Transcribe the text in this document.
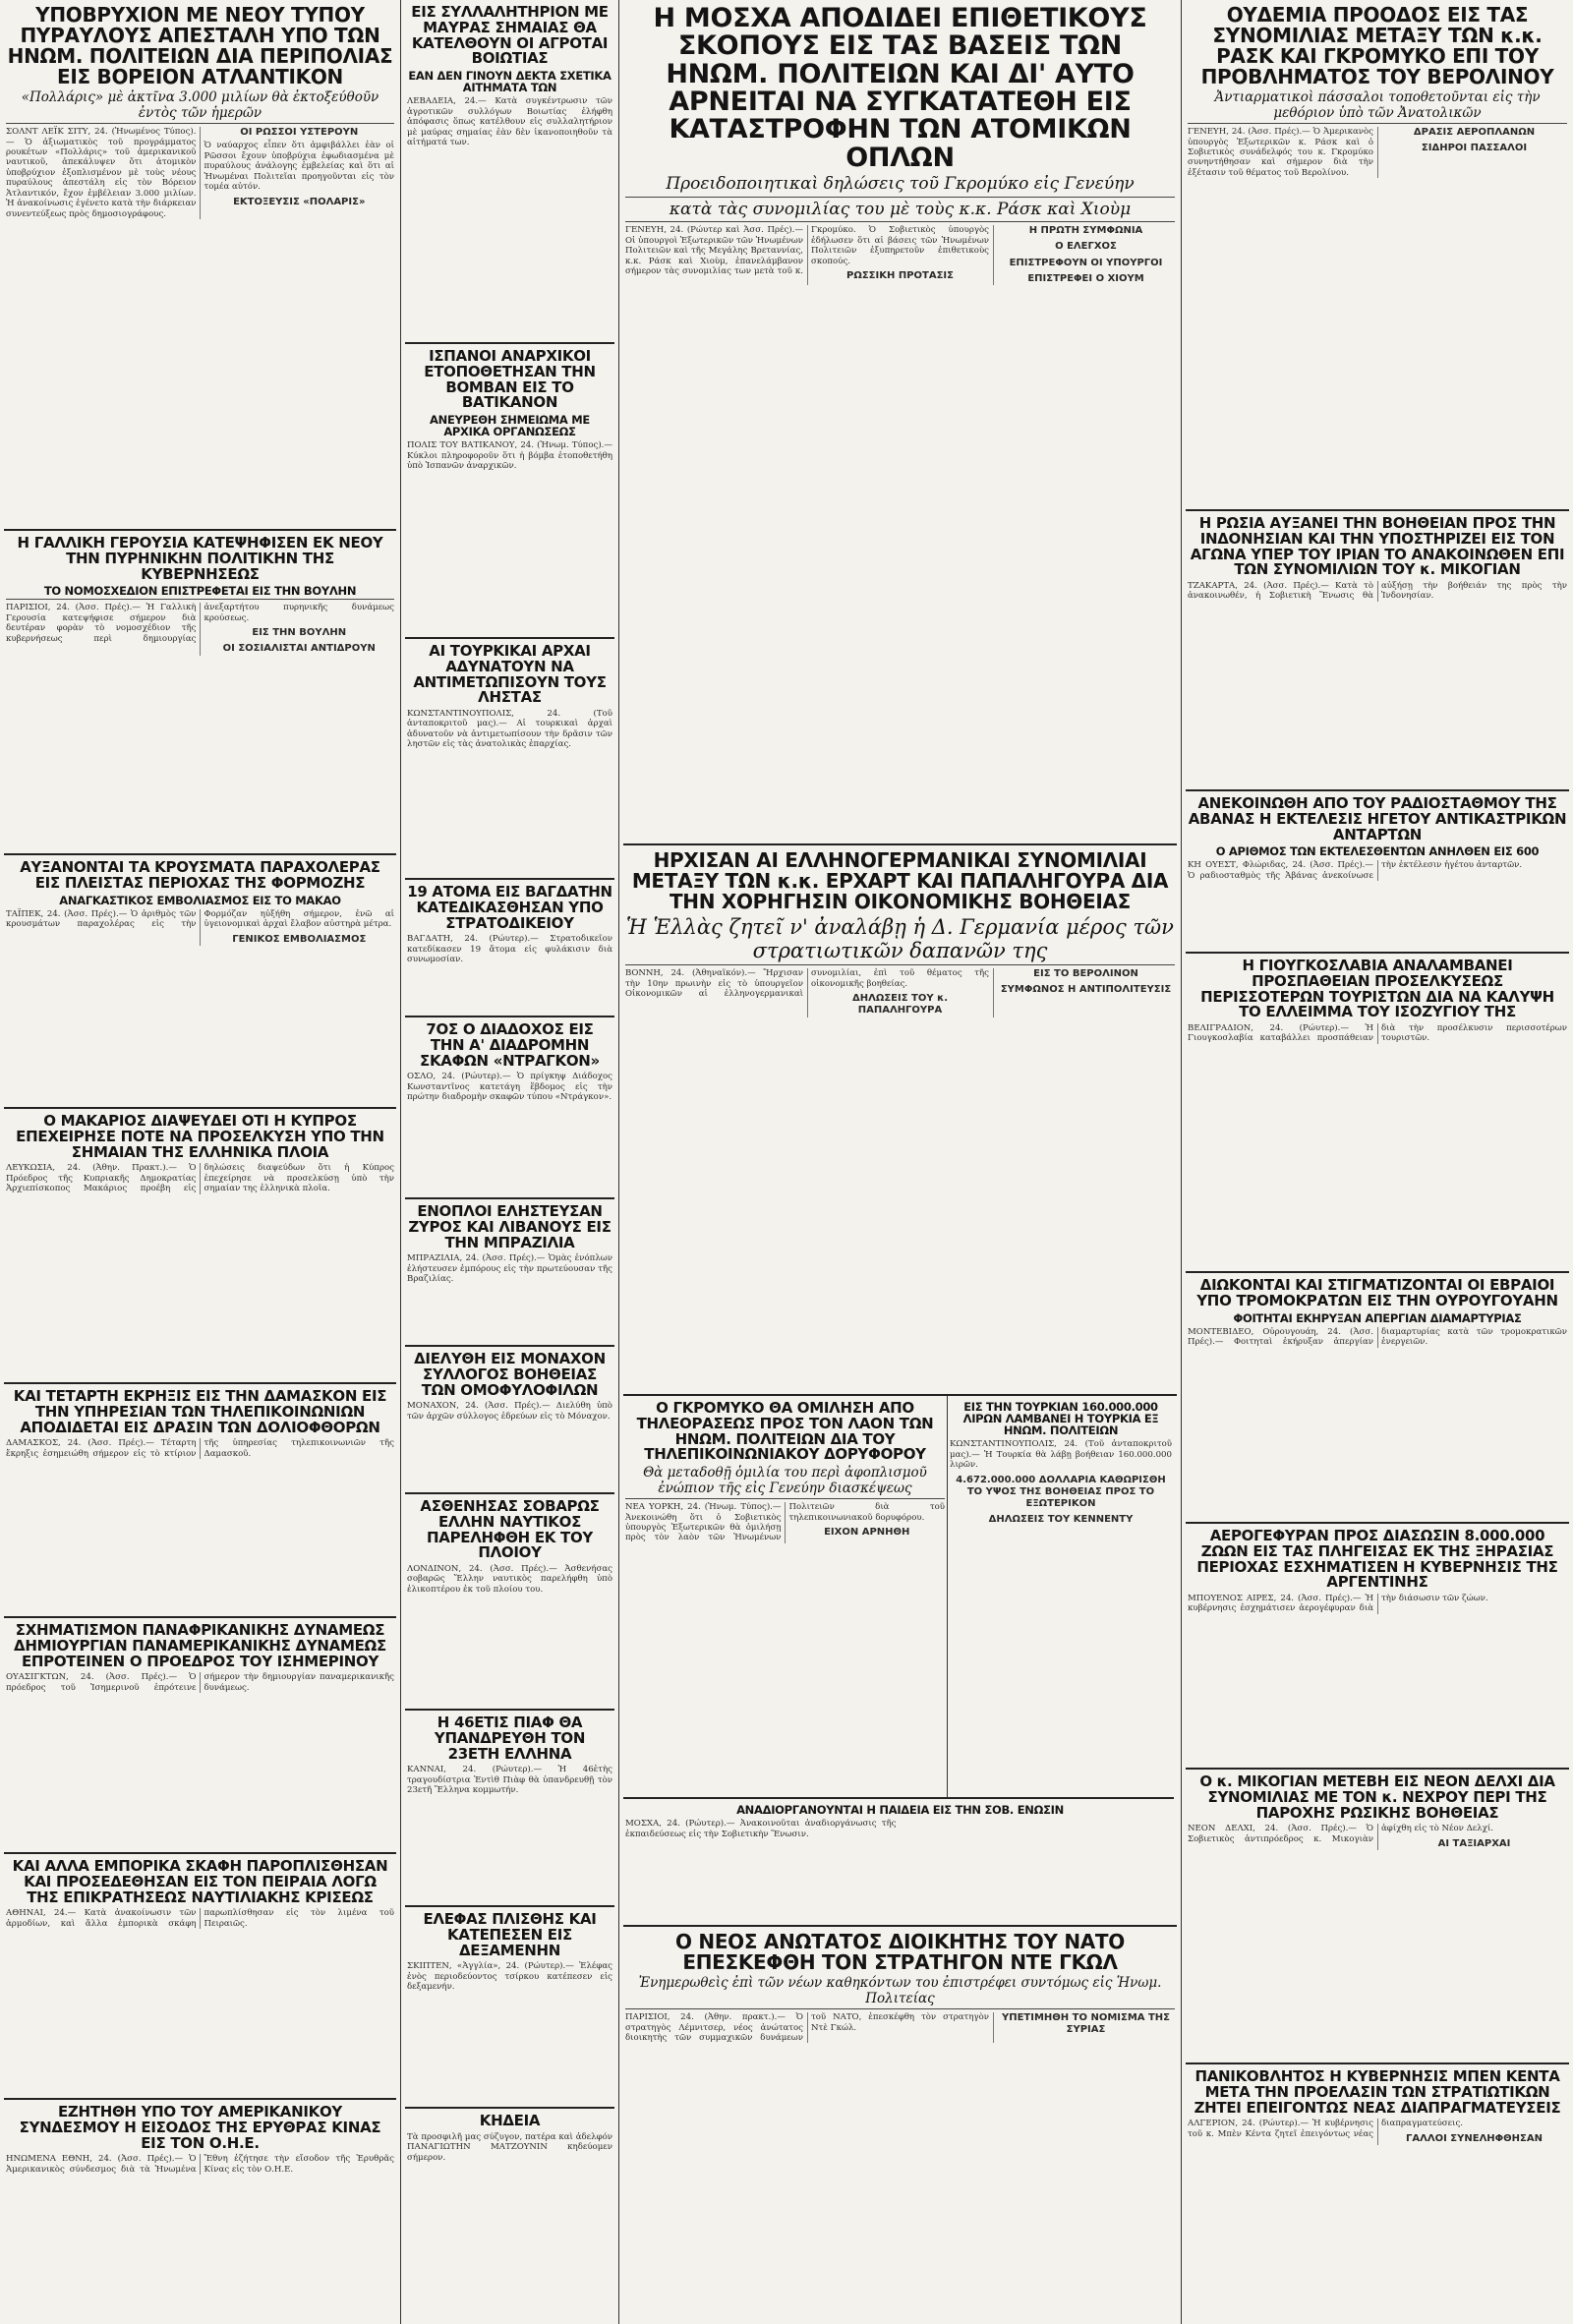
ΥΠΟΒΡΥΧΙΟΝ ΜΕ ΝΕΟΥ ΤΥΠΟΥ ΠΥΡΑΥΛΟΥΣ ΑΠΕΣΤΑΛΗ ΥΠΟ ΤΩΝ ΗΝΩΜ. ΠΟΛΙΤΕΙΩΝ ΔΙΑ ΠΕΡΙΠΟΛΙΑΣ ΕΙΣ ΒΟΡΕΙΟΝ ΑΤΛΑΝΤΙΚΟΝ
«Πολλάρις» μὲ ἀκτῖνα 3.000 μιλίων θὰ ἐκτοξεύθοῦν ἐντὸς τῶν ἡμερῶν

ΣΟΛΝΤ ΛΕΪΚ ΣΙΤΥ, 24. (Ἡνωμένος Τύπος).— Ὁ ἀξιωματικὸς τοῦ προγράμματος ρουκέτων «Πολλάρις» τοῦ ἀμερικανικοῦ ναυτικοῦ, ἀπεκάλυψεν ὅτι ἀτομικὸν ὑποβρύχιον ἐξοπλισμένον μὲ τοὺς νέους πυραύλους ἀπεστάλη εἰς τὸν Βόρειον Ἀτλαντικόν, ἔχον ἐμβέλειαν 3.000 μιλίων. Ἡ ἀνακοίνωσις ἐγένετο κατὰ τὴν διάρκειαν συνεντεύξεως πρὸς δημοσιογράφους.

ΟΙ ΡΩΣΣΟΙ ΥΣΤΕΡΟΥΝ

Ὁ ναύαρχος εἶπεν ὅτι ἀμφιβάλλει ἐὰν οἱ Ρῶσσοι ἔχουν ὑποβρύχια ἐφωδιασμένα μὲ πυραύλους ἀνάλογης ἐμβελείας καὶ ὅτι αἱ Ἡνωμέναι Πολιτεῖαι προηγοῦνται εἰς τὸν τομέα αὐτόν.

ΕΚΤΟΞΕΥΣΙΣ «ΠΟΛΑΡΙΣ»
Η ΓΑΛΛΙΚΗ ΓΕΡΟΥΣΙΑ ΚΑΤΕΨΗΦΙΣΕΝ ΕΚ ΝΕΟΥ ΤΗΝ ΠΥΡΗΝΙΚΗΝ ΠΟΛΙΤΙΚΗΝ ΤΗΣ ΚΥΒΕΡΝΗΣΕΩΣ
ΤΟ ΝΟΜΟΣΧΕΔΙΟΝ ΕΠΙΣΤΡΕΦΕΤΑΙ ΕΙΣ ΤΗΝ ΒΟΥΛΗΝ

ΠΑΡΙΣΙΟΙ, 24. (Ἀσσ. Πρές).— Ἡ Γαλλικὴ Γερουσία κατεψήφισε σήμερον διὰ δευτέραν φορὰν τὸ νομοσχέδιον τῆς κυβερνήσεως περὶ δημιουργίας ἀνεξαρτήτου πυρηνικῆς δυνάμεως κρούσεως.

ΕΙΣ ΤΗΝ ΒΟΥΛΗΝ
ΟΙ ΣΟΣΙΑΛΙΣΤΑΙ ΑΝΤΙΔΡΟΥΝ
ΑΥΞΑΝΟΝΤΑΙ ΤΑ ΚΡΟΥΣΜΑΤΑ ΠΑΡΑΧΟΛΕΡΑΣ ΕΙΣ ΠΛΕΙΣΤΑΣ ΠΕΡΙΟΧΑΣ ΤΗΣ ΦΟΡΜΟΖΗΣ
ΑΝΑΓΚΑΣΤΙΚΟΣ ΕΜΒΟΛΙΑΣΜΟΣ ΕΙΣ ΤΟ ΜΑΚΑΟ

ΤΑΪΠΕΚ, 24. (Ἀσσ. Πρές).— Ὁ ἀριθμὸς τῶν κρουσμάτων παραχολέρας εἰς τὴν Φορμόζαν ηὐξήθη σήμερον, ἐνῶ αἱ ὑγειονομικαὶ ἀρχαὶ ἔλαβον αὐστηρὰ μέτρα.

ΓΕΝΙΚΟΣ ΕΜΒΟΛΙΑΣΜΟΣ
Ο ΜΑΚΑΡΙΟΣ ΔΙΑΨΕΥΔΕΙ ΟΤΙ Η ΚΥΠΡΟΣ ΕΠΕΧΕΙΡΗΣΕ ΠΟΤΕ ΝΑ ΠΡΟΣΕΛΚΥΣΗ ΥΠΟ ΤΗΝ ΣΗΜΑΙΑΝ ΤΗΣ ΕΛΛΗΝΙΚΑ ΠΛΟΙΑ
ΛΕΥΚΩΣΙΑ, 24. (Ἀθην. Πρακτ.).— Ὁ Πρόεδρος τῆς Κυπριακῆς Δημοκρατίας Ἀρχιεπίσκοπος Μακάριος προέβη εἰς δηλώσεις διαψεύδων ὅτι ἡ Κύπρος ἐπεχείρησε νὰ προσελκύσῃ ὑπὸ τὴν σημαίαν της ἑλληνικὰ πλοῖα.
ΚΑΙ ΤΕΤΑΡΤΗ ΕΚΡΗΞΙΣ ΕΙΣ ΤΗΝ ΔΑΜΑΣΚΟΝ ΕΙΣ ΤΗΝ ΥΠΗΡΕΣΙΑΝ ΤΩΝ ΤΗΛΕΠΙΚΟΙΝΩΝΙΩΝ ΑΠΟΔΙΔΕΤΑΙ ΕΙΣ ΔΡΑΣΙΝ ΤΩΝ ΔΟΛΙΟΦΘΟΡΩΝ
ΔΑΜΑΣΚΟΣ, 24. (Ἀσσ. Πρές).— Τέταρτη ἔκρηξις ἐσημειώθη σήμερον εἰς τὸ κτίριον τῆς ὑπηρεσίας τηλεπικοινωνιῶν τῆς Δαμασκοῦ.
ΣΧΗΜΑΤΙΣΜΟΝ ΠΑΝΑΦΡΙΚΑΝΙΚΗΣ ΔΥΝΑΜΕΩΣ ΔΗΜΙΟΥΡΓΙΑΝ ΠΑΝΑΜΕΡΙΚΑΝΙΚΗΣ ΔΥΝΑΜΕΩΣ ΕΠΡΟΤΕΙΝΕΝ Ο ΠΡΟΕΔΡΟΣ ΤΟΥ ΙΣΗΜΕΡΙΝΟΥ
ΟΥΑΣΙΓΚΤΩΝ, 24. (Ἀσσ. Πρές).— Ὁ πρόεδρος τοῦ Ἰσημερινοῦ ἐπρότεινε σήμερον τὴν δημιουργίαν παναμερικανικῆς δυνάμεως.
ΚΑΙ ΑΛΛΑ ΕΜΠΟΡΙΚΑ ΣΚΑΦΗ ΠΑΡΟΠΛΙΣΘΗΣΑΝ ΚΑΙ ΠΡΟΣΕΔΕΘΗΣΑΝ ΕΙΣ ΤΟΝ ΠΕΙΡΑΙΑ ΛΟΓΩ ΤΗΣ ΕΠΙΚΡΑΤΗΣΕΩΣ ΝΑΥΤΙΛΙΑΚΗΣ ΚΡΙΣΕΩΣ
ΑΘΗΝΑΙ, 24.— Κατὰ ἀνακοίνωσιν τῶν ἁρμοδίων, καὶ ἄλλα ἐμπορικὰ σκάφη παρωπλίσθησαν εἰς τὸν λιμένα τοῦ Πειραιῶς.
ΕΖΗΤΗΘΗ ΥΠΟ ΤΟΥ ΑΜΕΡΙΚΑΝΙΚΟΥ ΣΥΝΔΕΣΜΟΥ Η ΕΙΣΟΔΟΣ ΤΗΣ ΕΡΥΘΡΑΣ ΚΙΝΑΣ ΕΙΣ ΤΟΝ Ο.Η.Ε.
ΗΝΩΜΕΝΑ ΕΘΝΗ, 24. (Ἀσσ. Πρές).— Ὁ Ἀμερικανικὸς σύνδεσμος διὰ τὰ Ἡνωμένα Ἔθνη ἐζήτησε τὴν εἴσοδον τῆς Ἐρυθρᾶς Κίνας εἰς τὸν Ο.Η.Ε.
ΕΙΣ ΣΥΛΛΑΛΗΤΗΡΙΟΝ ΜΕ ΜΑΥΡΑΣ ΣΗΜΑΙΑΣ ΘΑ ΚΑΤΕΛΘΟΥΝ ΟΙ ΑΓΡΟΤΑΙ ΒΟΙΩΤΙΑΣ
ΕΑΝ ΔΕΝ ΓΙΝΟΥΝ ΔΕΚΤΑ ΣΧΕΤΙΚΑ ΑΙΤΗΜΑΤΑ ΤΩΝ
ΛΕΒΑΔΕΙΑ, 24.— Κατὰ συγκέντρωσιν τῶν ἀγροτικῶν συλλόγων Βοιωτίας ἐλήφθη ἀπόφασις ὅπως κατέλθουν εἰς συλλαλητήριον μὲ μαύρας σημαίας ἐὰν δὲν ἱκανοποιηθοῦν τὰ αἰτήματά των.
ΙΣΠΑΝΟΙ ΑΝΑΡΧΙΚΟΙ ΕΤΟΠΟΘΕΤΗΣΑΝ ΤΗΝ ΒΟΜΒΑΝ ΕΙΣ ΤΟ ΒΑΤΙΚΑΝΟΝ
ΑΝΕΥΡΕΘΗ ΣΗΜΕΙΩΜΑ ΜΕ ΑΡΧΙΚΑ ΟΡΓΑΝΩΣΕΩΣ
ΠΟΛΙΣ ΤΟΥ ΒΑΤΙΚΑΝΟΥ, 24. (Ἡνωμ. Τύπος).— Κύκλοι πληροφοροῦν ὅτι ἡ βόμβα ἐτοποθετήθη ὑπὸ Ἱσπανῶν ἀναρχικῶν.
ΑΙ ΤΟΥΡΚΙΚΑΙ ΑΡΧΑΙ ΑΔΥΝΑΤΟΥΝ ΝΑ ΑΝΤΙΜΕΤΩΠΙΣΟΥΝ ΤΟΥΣ ΛΗΣΤΑΣ
ΚΩΝΣΤΑΝΤΙΝΟΥΠΟΛΙΣ, 24. (Τοῦ ἀνταποκριτοῦ μας).— Αἱ τουρκικαὶ ἀρχαὶ ἀδυνατοῦν νὰ ἀντιμετωπίσουν τὴν δρᾶσιν τῶν ληστῶν εἰς τὰς ἀνατολικὰς ἐπαρχίας.
19 ΑΤΟΜΑ ΕΙΣ ΒΑΓΔΑΤΗΝ ΚΑΤΕΔΙΚΑΣΘΗΣΑΝ ΥΠΟ ΣΤΡΑΤΟΔΙΚΕΙΟΥ
ΒΑΓΔΑΤΗ, 24. (Ρώυτερ).— Στρατοδικεῖον κατεδίκασεν 19 ἄτομα εἰς φυλάκισιν διὰ συνωμοσίαν.
7ΟΣ Ο ΔΙΑΔΟΧΟΣ ΕΙΣ ΤΗΝ Α' ΔΙΑΔΡΟΜΗΝ ΣΚΑΦΩΝ «ΝΤΡΑΓΚΟΝ»
ΟΣΛΟ, 24. (Ρώυτερ).— Ὁ πρίγκηψ Διάδοχος Κωνσταντῖνος κατετάγη ἕβδομος εἰς τὴν πρώτην διαδρομὴν σκαφῶν τύπου «Ντράγκον».
ΕΝΟΠΛΟΙ ΕΛΗΣΤΕΥΣΑΝ ΖΥΡΟΣ ΚΑΙ ΛΙΒΑΝΟΥΣ ΕΙΣ ΤΗΝ ΜΠΡΑΖΙΛΙΑ
ΜΠΡΑΖΙΛΙΑ, 24. (Ἀσσ. Πρές).— Ὁμὰς ἐνόπλων ἐλήστευσεν ἐμπόρους εἰς τὴν πρωτεύουσαν τῆς Βραζιλίας.
ΔΙΕΛΥΘΗ ΕΙΣ ΜΟΝΑΧΟΝ ΣΥΛΛΟΓΟΣ ΒΟΗΘΕΙΑΣ ΤΩΝ ΟΜΟΦΥΛΟΦΙΛΩΝ
ΜΟΝΑΧΟΝ, 24. (Ἀσσ. Πρές).— Διελύθη ὑπὸ τῶν ἀρχῶν σύλλογος ἐδρεύων εἰς τὸ Μόναχον.
ΑΣΘΕΝΗΣΑΣ ΣΟΒΑΡΩΣ ΕΛΛΗΝ ΝΑΥΤΙΚΟΣ ΠΑΡΕΛΗΦΘΗ ΕΚ ΤΟΥ ΠΛΟΙΟΥ
ΛΟΝΔΙΝΟΝ, 24. (Ἀσσ. Πρές).— Ἀσθενήσας σοβαρῶς Ἕλλην ναυτικὸς παρελήφθη ὑπὸ ἐλικοπτέρου ἐκ τοῦ πλοίου του.
Η 46ΕΤΙΣ ΠΙΑΦ ΘΑ ΥΠΑΝΔΡΕΥΘΗ ΤΟΝ 23ΕΤΗ ΕΛΛΗΝΑ
ΚΑΝΝΑΙ, 24. (Ρώυτερ).— Ἡ 46ἑτὴς τραγουδίστρια Ἐντὶθ Πιὰφ θὰ ὑπανδρευθῇ τὸν 23ετῆ Ἕλληνα κομμωτήν.
ΕΛΕΦΑΣ ΠΛΙΣΘΗΣ ΚΑΙ ΚΑΤΕΠΕΣΕΝ ΕΙΣ ΔΕΞΑΜΕΝΗΝ
ΣΚΙΠΤΕΝ, «Ἀγγλία», 24. (Ρώυτερ).— Ἐλέφας ἐνὸς περιοδεύοντος τσίρκου κατέπεσεν εἰς δεξαμενήν.
ΚΗΔΕΙΑ
Τὰ προσφιλῆ μας σύζυγον, πατέρα καὶ ἀδελφόν ΠΑΝΑΓΙΩΤΗΝ ΜΑΤΖΟΥΝΙΝ κηδεύομεν σήμερον.
Η ΜΟΣΧΑ ΑΠΟΔΙΔΕΙ ΕΠΙΘΕΤΙΚΟΥΣ ΣΚΟΠΟΥΣ ΕΙΣ ΤΑΣ ΒΑΣΕΙΣ ΤΩΝ ΗΝΩΜ. ΠΟΛΙΤΕΙΩΝ ΚΑΙ ΔΙ' ΑΥΤΟ ΑΡΝΕΙΤΑΙ ΝΑ ΣΥΓΚΑΤΑΤΕΘΗ ΕΙΣ ΚΑΤΑΣΤΡΟΦΗΝ ΤΩΝ ΑΤΟΜΙΚΩΝ ΟΠΛΩΝ
Προειδοποιητικαὶ δηλώσεις τοῦ Γκρομύκο εἰς Γενεύην
κατὰ τὰς συνομιλίας του μὲ τοὺς κ.κ. Ράσκ καὶ Χιοὺμ

ΓΕΝΕΥΗ, 24. (Ρώυτερ καὶ Ἀσσ. Πρές).— Οἱ ὑπουργοὶ Ἐξωτερικῶν τῶν Ἡνωμένων Πολιτειῶν καὶ τῆς Μεγάλης Βρεταννίας, κ.κ. Ράσκ καὶ Χιοὺμ, ἐπανελάμβανον σήμερον τὰς συνομιλίας των μετὰ τοῦ κ. Γκρομύκο. Ὁ Σοβιετικὸς ὑπουργὸς ἐδήλωσεν ὅτι αἱ βάσεις τῶν Ἡνωμένων Πολιτειῶν ἐξυπηρετοῦν ἐπιθετικοὺς σκοπούς.

ΡΩΣΣΙΚΗ ΠΡΟΤΑΣΙΣ
Η ΠΡΩΤΗ ΣΥΜΦΩΝΙΑ
Ο ΕΛΕΓΧΟΣ
ΕΠΙΣΤΡΕΦΟΥΝ ΟΙ ΥΠΟΥΡΓΟΙ
ΕΠΙΣΤΡΕΦΕΙ Ο ΧΙΟΥΜ
ΗΡΧΙΣΑΝ ΑΙ ΕΛΛΗΝΟΓΕΡΜΑΝΙΚΑΙ ΣΥΝΟΜΙΛΙΑΙ ΜΕΤΑΞΥ ΤΩΝ κ.κ. ΕΡΧΑΡΤ ΚΑΙ ΠΑΠΑΛΗΓΟΥΡΑ ΔΙΑ ΤΗΝ ΧΟΡΗΓΗΣΙΝ ΟΙΚΟΝΟΜΙΚΗΣ ΒΟΗΘΕΙΑΣ
Ἡ Ἑλλὰς ζητεῖ ν' ἀναλάβῃ ἡ Δ. Γερμανία μέρος τῶν στρατιωτικῶν δαπανῶν της

ΒΟΝΝΗ, 24. (Ἀθηναϊκόν).— Ἤρχισαν τὴν 10ην πρωινὴν εἰς τὸ ὑπουργεῖον Οἰκονομικῶν αἱ ἑλληνογερμανικαὶ συνομιλίαι, ἐπὶ τοῦ θέματος τῆς οἰκονομικῆς βοηθείας.

ΔΗΛΩΣΕΙΣ ΤΟΥ κ. ΠΑΠΑΛΗΓΟΥΡΑ
ΕΙΣ ΤΟ ΒΕΡΟΛΙΝΟΝ
ΣΥΜΦΩΝΟΣ Η ΑΝΤΙΠΟΛΙΤΕΥΣΙΣ
Ο ΓΚΡΟΜΥΚΟ ΘΑ ΟΜΙΛΗΣΗ ΑΠΟ ΤΗΛΕΟΡΑΣΕΩΣ ΠΡΟΣ ΤΟΝ ΛΑΟΝ ΤΩΝ ΗΝΩΜ. ΠΟΛΙΤΕΙΩΝ ΔΙΑ ΤΟΥ ΤΗΛΕΠΙΚΟΙΝΩΝΙΑΚΟΥ ΔΟΡΥΦΟΡΟΥ
Θὰ μεταδοθῇ ὁμιλία του περὶ ἀφοπλισμοῦ ἐνώπιον τῆς εἰς Γενεύην διασκέψεως

ΝΕΑ ΥΟΡΚΗ, 24. (Ἡνωμ. Τύπος).— Ἀνεκοινώθη ὅτι ὁ Σοβιετικὸς ὑπουργὸς Ἐξωτερικῶν θὰ ὁμιλήσῃ πρὸς τὸν λαὸν τῶν Ἡνωμένων Πολιτειῶν διὰ τοῦ τηλεπικοινωνιακοῦ δορυφόρου.

ΕΙΧΟΝ ΑΡΝΗΘΗ
ΕΙΣ ΤΗΝ ΤΟΥΡΚΙΑΝ 160.000.000 ΛΙΡΩΝ ΛΑΜΒΑΝΕΙ Η ΤΟΥΡΚΙΑ ΕΞ ΗΝΩΜ. ΠΟΛΙΤΕΙΩΝ

ΚΩΝΣΤΑΝΤΙΝΟΥΠΟΛΙΣ, 24. (Τοῦ ἀνταποκριτοῦ μας).— Ἡ Τουρκία θὰ λάβῃ βοήθειαν 160.000.000 λιρῶν.

4.672.000.000 ΔΟΛΛΑΡΙΑ ΚΑΘΩΡΙΣΘΗ ΤΟ ΥΨΟΣ ΤΗΣ ΒΟΗΘΕΙΑΣ ΠΡΟΣ ΤΟ ΕΞΩΤΕΡΙΚΟΝ
ΔΗΛΩΣΕΙΣ ΤΟΥ ΚΕΝΝΕΝΤΥ
ΑΝΑΔΙΟΡΓΑΝΟΥΝΤΑΙ Η ΠΑΙΔΕΙΑ ΕΙΣ ΤΗΝ ΣΟΒ. ΕΝΩΣΙΝ
ΜΟΣΧΑ, 24. (Ρώυτερ).— Ἀνακοινοῦται ἀναδιοργάνωσις τῆς ἐκπαιδεύσεως εἰς τὴν Σοβιετικὴν Ἕνωσιν.
Ο ΝΕΟΣ ΑΝΩΤΑΤΟΣ ΔΙΟΙΚΗΤΗΣ ΤΟΥ ΝΑΤΟ ΕΠΕΣΚΕΦΘΗ ΤΟΝ ΣΤΡΑΤΗΓΟΝ ΝΤΕ ΓΚΩΛ
Ἐνημερωθεὶς ἐπὶ τῶν νέων καθηκόντων του ἐπιστρέφει συντόμως εἰς Ἡνωμ. Πολιτείας

ΠΑΡΙΣΙΟΙ, 24. (Ἀθην. πρακτ.).— Ὁ στρατηγὸς Λέμνιτσερ, νέος ἀνώτατος διοικητὴς τῶν συμμαχικῶν δυνάμεων τοῦ ΝΑΤΟ, ἐπεσκέφθη τὸν στρατηγὸν Ντὲ Γκώλ.

ΥΠΕΤΙΜΗΘΗ ΤΟ ΝΟΜΙΣΜΑ ΤΗΣ ΣΥΡΙΑΣ
ΟΥΔΕΜΙΑ ΠΡΟΟΔΟΣ ΕΙΣ ΤΑΣ ΣΥΝΟΜΙΛΙΑΣ ΜΕΤΑΞΥ ΤΩΝ κ.κ. ΡΑΣΚ ΚΑΙ ΓΚΡΟΜΥΚΟ ΕΠΙ ΤΟΥ ΠΡΟΒΛΗΜΑΤΟΣ ΤΟΥ ΒΕΡΟΛΙΝΟΥ
Ἀντιαρματικοὶ πάσσαλοι τοποθετοῦνται εἰς τὴν μεθόριον ὑπὸ τῶν Ἀνατολικῶν

ΓΕΝΕΥΗ, 24. (Ἀσσ. Πρές).— Ὁ Ἀμερικανὸς ὑπουργὸς Ἐξωτερικῶν κ. Ράσκ καὶ ὁ Σοβιετικὸς συνάδελφός του κ. Γκρομύκο συνηντήθησαν καὶ σήμερον διὰ τὴν ἐξέτασιν τοῦ θέματος τοῦ Βερολίνου.

ΔΡΑΣΙΣ ΑΕΡΟΠΛΑΝΩΝ
ΣΙΔΗΡΟΙ ΠΑΣΣΑΛΟΙ
Η ΡΩΣΙΑ ΑΥΞΑΝΕΙ ΤΗΝ ΒΟΗΘΕΙΑΝ ΠΡΟΣ ΤΗΝ ΙΝΔΟΝΗΣΙΑΝ ΚΑΙ ΤΗΝ ΥΠΟΣΤΗΡΙΖΕΙ ΕΙΣ ΤΟΝ ΑΓΩΝΑ ΥΠΕΡ ΤΟΥ ΙΡΙΑΝ ΤΟ ΑΝΑΚΟΙΝΩΘΕΝ ΕΠΙ ΤΩΝ ΣΥΝΟΜΙΛΙΩΝ ΤΟΥ κ. ΜΙΚΟΓΙΑΝ
ΤΖΑΚΑΡΤΑ, 24. (Ἀσσ. Πρές).— Κατὰ τὸ ἀνακοινωθέν, ἡ Σοβιετικὴ Ἕνωσις θὰ αὐξήσῃ τὴν βοήθειάν της πρὸς τὴν Ἰνδονησίαν.
ΑΝΕΚΟΙΝΩΘΗ ΑΠΟ ΤΟΥ ΡΑΔΙΟΣΤΑΘΜΟΥ ΤΗΣ ΑΒΑΝΑΣ Η ΕΚΤΕΛΕΣΙΣ ΗΓΕΤΟΥ ΑΝΤΙΚΑΣΤΡΙΚΩΝ ΑΝΤΑΡΤΩΝ
Ο ΑΡΙΘΜΟΣ ΤΩΝ ΕΚΤΕΛΕΣΘΕΝΤΩΝ ΑΝΗΛΘΕΝ ΕΙΣ 600
ΚΗ ΟΥΕΣΤ, Φλώριδας, 24. (Ἀσσ. Πρές).— Ὁ ραδιοσταθμὸς τῆς Ἀβάνας ἀνεκοίνωσε τὴν ἐκτέλεσιν ἡγέτου ἀνταρτῶν.
Η ΓΙΟΥΓΚΟΣΛΑΒΙΑ ΑΝΑΛΑΜΒΑΝΕΙ ΠΡΟΣΠΑΘΕΙΑΝ ΠΡΟΣΕΛΚΥΣΕΩΣ ΠΕΡΙΣΣΟΤΕΡΩΝ ΤΟΥΡΙΣΤΩΝ ΔΙΑ ΝΑ ΚΑΛΥΨΗ ΤΟ ΕΛΛΕΙΜΜΑ ΤΟΥ ΙΣΟΖΥΓΙΟΥ ΤΗΣ
ΒΕΛΙΓΡΑΔΙΟΝ, 24. (Ρώυτερ).— Ἡ Γιουγκοσλαβία καταβάλλει προσπάθειαν διὰ τὴν προσέλκυσιν περισσοτέρων τουριστῶν.
ΔΙΩΚΟΝΤΑΙ ΚΑΙ ΣΤΙΓΜΑΤΙΖΟΝΤΑΙ ΟΙ ΕΒΡΑΙΟΙ ΥΠΟ ΤΡΟΜΟΚΡΑΤΩΝ ΕΙΣ ΤΗΝ ΟΥΡΟΥΓΟΥΑΗΝ
ΦΟΙΤΗΤΑΙ ΕΚΗΡΥΞΑΝ ΑΠΕΡΓΙΑΝ ΔΙΑΜΑΡΤΥΡΙΑΣ
ΜΟΝΤΕΒΙΔΕΟ, Οὐρουγουάη, 24. (Ἀσσ. Πρές).— Φοιτηταὶ ἐκήρυξαν ἀπεργίαν διαμαρτυρίας κατὰ τῶν τρομοκρατικῶν ἐνεργειῶν.
ΑΕΡΟΓΕΦΥΡΑΝ ΠΡΟΣ ΔΙΑΣΩΣΙΝ 8.000.000 ΖΩΩΝ ΕΙΣ ΤΑΣ ΠΛΗΓΕΙΣΑΣ ΕΚ ΤΗΣ ΞΗΡΑΣΙΑΣ ΠΕΡΙΟΧΑΣ ΕΣΧΗΜΑΤΙΣΕΝ Η ΚΥΒΕΡΝΗΣΙΣ ΤΗΣ ΑΡΓΕΝΤΙΝΗΣ
ΜΠΟΥΕΝΟΣ ΑΙΡΕΣ, 24. (Ἀσσ. Πρές).— Ἡ κυβέρνησις ἐσχημάτισεν ἀερογέφυραν διὰ τὴν διάσωσιν τῶν ζώων.
Ο κ. ΜΙΚΟΓΙΑΝ ΜΕΤΕΒΗ ΕΙΣ ΝΕΟΝ ΔΕΛΧΙ ΔΙΑ ΣΥΝΟΜΙΛΙΑΣ ΜΕ ΤΟΝ κ. ΝΕΧΡΟΥ ΠΕΡΙ ΤΗΣ ΠΑΡΟΧΗΣ ΡΩΣΙΚΗΣ ΒΟΗΘΕΙΑΣ

ΝΕΟΝ ΔΕΛΧΙ, 24. (Ἀσσ. Πρές).— Ὁ Σοβιετικὸς ἀντιπρόεδρος κ. Μικογιὰν ἀφίχθη εἰς τὸ Νέον Δελχί.

ΑΙ ΤΑΞΙΑΡΧΑΙ
ΠΑΝΙΚΟΒΛΗΤΟΣ Η ΚΥΒΕΡΝΗΣΙΣ ΜΠΕΝ ΚΕΝΤΑ ΜΕΤΑ ΤΗΝ ΠΡΟΕΛΑΣΙΝ ΤΩΝ ΣΤΡΑΤΙΩΤΙΚΩΝ ΖΗΤΕΙ ΕΠΕΙΓΟΝΤΩΣ ΝΕΑΣ ΔΙΑΠΡΑΓΜΑΤΕΥΣΕΙΣ

ΑΛΓΕΡΙΟΝ, 24. (Ρώυτερ).— Ἡ κυβέρνησις τοῦ κ. Μπὲν Κέντα ζητεῖ ἐπειγόντως νέας διαπραγματεύσεις.

ΓΑΛΛΟΙ ΣΥΝΕΛΗΦΘΗΣΑΝ
